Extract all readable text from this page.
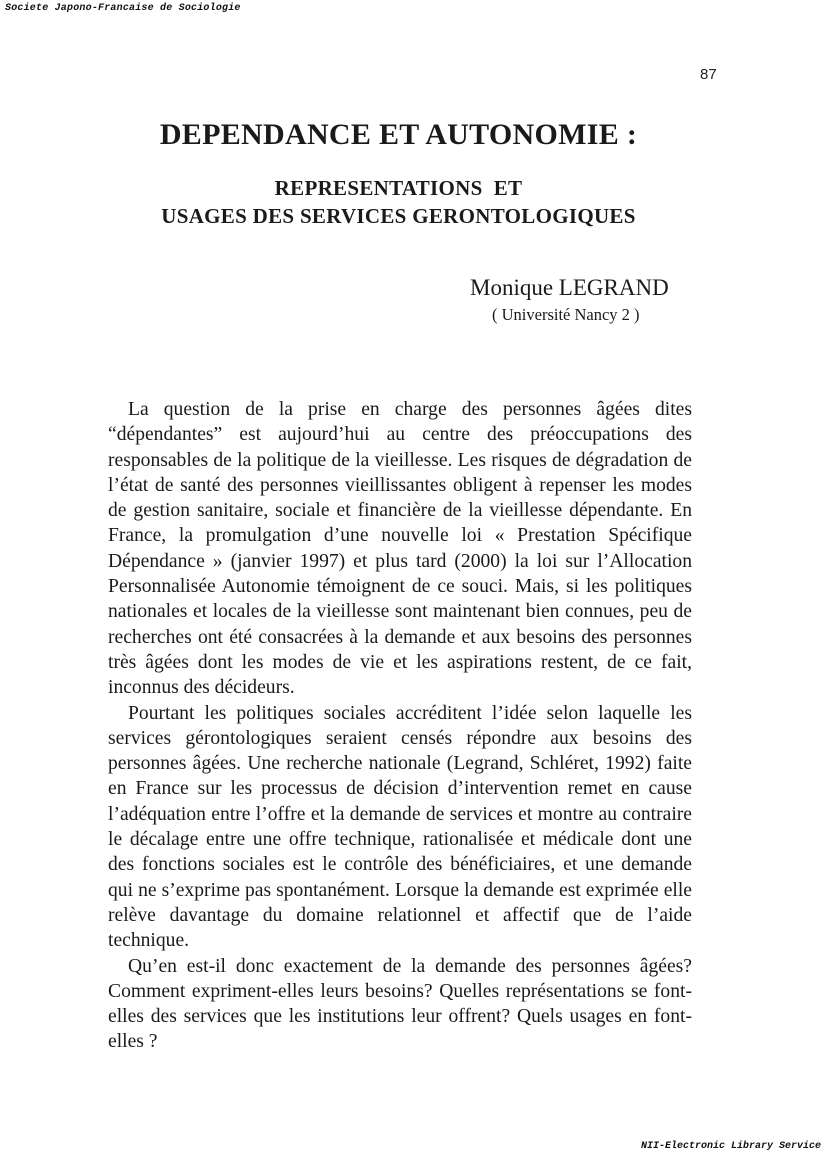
Societe Japono-Francaise de Sociologie
87
DEPENDANCE ET AUTONOMIE :
REPRESENTATIONS  ET
USAGES DES SERVICES GERONTOLOGIQUES
Monique LEGRAND
( Université Nancy 2 )

La question de la prise en charge des personnes âgées dites “dépendantes” est aujourd’hui au centre des préoccupations des responsables de la politique de la vieillesse. Les risques de dégradation de l’état de santé des personnes vieillissantes obligent à repenser les modes de gestion sanitaire, sociale et financière de la vieillesse dépendante. En France, la promulgation d’une nouvelle loi « Prestation Spécifique Dépendance » (janvier 1997) et plus tard (2000) la loi sur l’Allocation Personnalisée Autonomie témoignent de ce souci. Mais, si les politiques nationales et locales de la vieillesse sont maintenant bien connues, peu de recherches ont été consacrées à la demande et aux besoins des personnes très âgées dont les modes de vie et les aspirations restent, de ce fait, inconnus des décideurs.

Pourtant les politiques sociales accréditent l’idée selon laquelle les services gérontologiques seraient censés répondre aux besoins des personnes âgées. Une recherche nationale (Legrand, Schléret, 1992) faite en France sur les processus de décision d’intervention remet en cause l’adéquation entre l’offre et la demande de services et montre au contraire le décalage entre une offre technique, rationalisée et médicale dont une des fonctions sociales est le contrôle des bénéficiaires, et une demande qui ne s’exprime pas spontanément. Lorsque la demande est exprimée elle relève davantage du domaine relationnel et affectif que de l’aide technique.

Qu’en est-il donc exactement de la demande des personnes âgées? Comment expriment-elles leurs besoins? Quelles représentations se font-elles des services que les institutions leur offrent? Quels usages en font-elles ?

NII-Electronic Library Service
